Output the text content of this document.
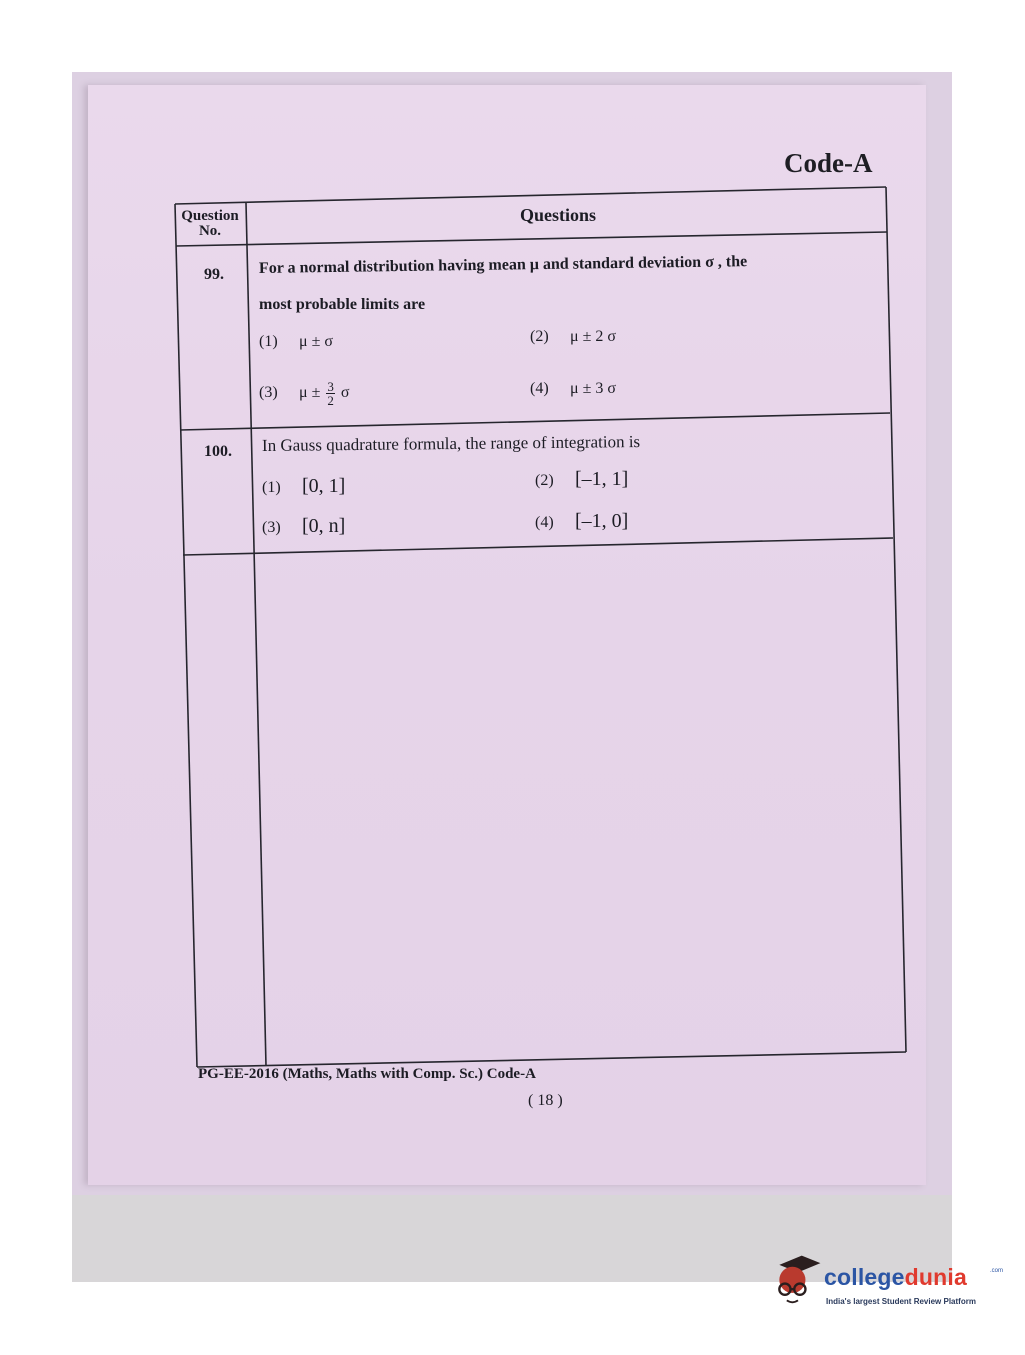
Code-A
Question
No.
Questions
99. For a normal distribution having mean μ and standard deviation σ , the
most probable limits are
(1) μ ± σ	(2) μ ± 2 σ
(3) $\mu \pm \frac{3}{2}$ σ	(4) μ ± 3 σ
100. In Gauss quadrature formula, the range of integration is
(1) [0, 1]	(2) [–1, 1]
(3) [0, n]	(4) [–1, 0]
PG-EE-2016 (Maths, Maths with Comp. Sc.) Code-A
( 18 )
collegedunia	.com
India's largest Student Review Platform
